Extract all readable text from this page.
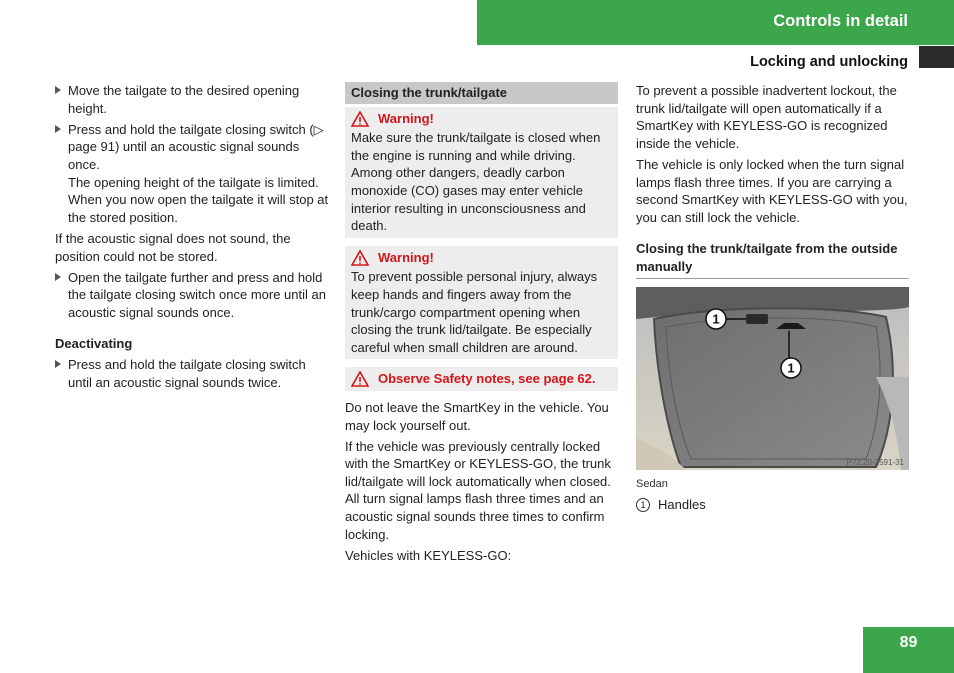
Controls in detail
Locking and unlocking
Move the tailgate to the desired opening height.
Press and hold the tailgate closing switch (▷ page 91) until an acoustic signal sounds once.
The opening height of the tailgate is limited. When you now open the tailgate it will stop at the stored position.

If the acoustic signal does not sound, the position could not be stored.

Open the tailgate further and press and hold the tailgate closing switch once more until an acoustic signal sounds once.
Deactivating
Press and hold the tailgate closing switch until an acoustic signal sounds twice.
Closing the trunk/tailgate
Warning!
Make sure the trunk/tailgate is closed when the engine is running and while driving. Among other dangers, deadly carbon monoxide (CO) gases may enter vehicle interior resulting in unconsciousness and death.
Warning!
To prevent possible personal injury, always keep hands and fingers away from the trunk/cargo compartment opening when closing the trunk lid/tailgate. Be especially careful when small children are around.
Observe Safety notes, see page 62.

Do not leave the SmartKey in the vehicle. You may lock yourself out.

If the vehicle was previously centrally locked with the SmartKey or KEYLESS-GO, the trunk lid/tailgate will lock automatically when closed. All turn signal lamps flash three times and an acoustic signal sounds three times to confirm locking.

Vehicles with KEYLESS-GO:

To prevent a possible inadvertent lockout, the trunk lid/tailgate will open automatically if a SmartKey with KEYLESS-GO is recognized inside the vehicle.

The vehicle is only locked when the turn signal lamps flash three times. If you are carrying a second SmartKey with KEYLESS-GO with you, you can still lock the vehicle.

Closing the trunk/tailgate from the outside manually
1
1
P72.20-2591-31
Sedan
1 Handles
89
